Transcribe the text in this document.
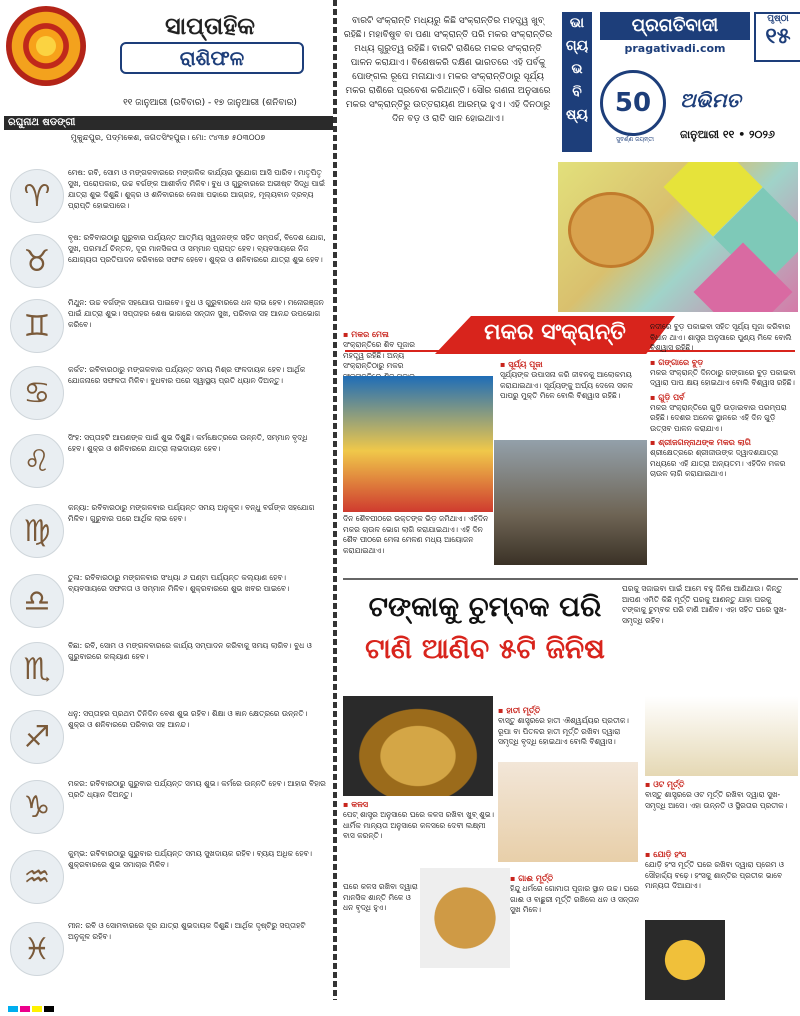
ସାପ୍ତାହିକ
ରାଶିଫଳ
୧୧ ଜାନୁଆରୀ (ରବିବାର) - ୧୭ ଜାନୁଆରୀ (ଶନିବାର)
ରଘୁନାଥ ଷଡଙ୍ଗୀ
ମୁକୁନ୍ଦପୁର, ପଦ୍ମକେଶ, ଜଗତସିଂହପୁର। ମୋ: ୯୪୩୭ ୫୦୩୦୦୭
♈
ମେଷ: ରବି, ସୋମ ଓ ମଙ୍ଗଳବାରରେ ମଙ୍ଗଳିକ କାର୍ଯ୍ୟର ସୁଯୋଗ ଆସି ପାରିବ। ମାତୃପିତୃ ସୁଖ, ପରୋପକାର, ଉଚ୍ଚ ବର୍ଗଙ୍କ ଆଶୀର୍ବାଦ ମିଳିବ। ବୁଧ ଓ ଗୁରୁବାରରେ ଅଭୀଷ୍ଟ ସିଦ୍ଧି ପାଇଁ ଯାତ୍ରା ଶୁଭ ଦିଶୁଛି। ଶୁକ୍ର ଓ ଶନିବାରରେ ଲେଖା ପଢାରେ ଆଗ୍ରହ, ମୂଲ୍ୟବାନ ଦ୍ରବ୍ୟ ପ୍ରାପ୍ତି ହୋଇପାରେ।
♉
ବୃଷ: ରବିବାରଠାରୁ ଗୁରୁବାର ପର୍ଯ୍ୟନ୍ତ ଆତ୍ମିୟ ସ୍ୱଜନଙ୍କ ସହିତ ସମ୍ପର୍କ, ବିଦେଶ ଯୋଗ, ସୁଖ, ପରମାର୍ଥ ଚିନ୍ତନ, ଦୂର ମାନସିକତା ଓ ସମ୍ମାନ ପ୍ରାପ୍ତ ହେବ। ବ୍ୟବସାୟରେ ନିଜ ଯୋଗ୍ୟତା ପ୍ରତିପାଦନ କରିବାରେ ସଫଳ ହେବେ। ଶୁକ୍ର ଓ ଶନିବାରରେ ଯାତ୍ରା ଶୁଭ ହେବ।
♊
ମିଥୁନ: ଉଚ୍ଚ ବର୍ଗଙ୍କ ସହଯୋଗ ପାଇବେ। ବୁଧ ଓ ଗୁରୁବାରରେ ଧନ ଲାଭ ହେବ। ମନୋରଞ୍ଜନ ପାଇଁ ଯାତ୍ରା ଶୁଭ। ସପ୍ତାହର ଶେଷ ଭାଗରେ ସନ୍ତାନ ସୁଖ, ପରିବାର ସହ ଆନନ୍ଦ ଉପଭୋଗ କରିବେ।
♋
କର୍କଟ: ରବିବାରଠାରୁ ମଙ୍ଗଳବାର ପର୍ଯ୍ୟନ୍ତ ସମୟ ମିଶ୍ର ଫଳଦାୟକ ହେବ। ଆର୍ଥିକ ଯୋଜନାରେ ସଫଳତା ମିଳିବ। ବୁଧବାର ପରେ ସ୍ୱାସ୍ଥ୍ୟ ପ୍ରତି ଧ୍ୟାନ ଦିଅନ୍ତୁ।
♌
ସିଂହ: ସପ୍ତାହଟି ଆପଣଙ୍କ ପାଇଁ ଶୁଭ ଦିଶୁଛି। କର୍ମକ୍ଷେତ୍ରରେ ଉନ୍ନତି, ସମ୍ମାନ ବୃଦ୍ଧି ହେବ। ଶୁକ୍ର ଓ ଶନିବାରରେ ଯାତ୍ରା ଲାଭଦାୟକ ହେବ।
♍
କନ୍ୟା: ରବିବାରଠାରୁ ମଙ୍ଗଳବାର ପର୍ଯ୍ୟନ୍ତ ସମୟ ଅନୁକୂଳ। ବନ୍ଧୁ ବର୍ଗଙ୍କ ସହଯୋଗ ମିଳିବ। ଗୁରୁବାର ପରେ ଆର୍ଥିକ ଲାଭ ହେବ।
♎
ତୁଳା: ରବିବାରଠାରୁ ମଙ୍ଗଳବାର ସଂଧ୍ୟା ୬ ଘଣ୍ଟା ପର୍ଯ୍ୟନ୍ତ କଲ୍ୟାଣ ହେବ। ବ୍ୟବସାୟରେ ସଫଳତା ଓ ସମ୍ମାନ ମିଳିବ। ଶୁକ୍ରବାରରେ ଶୁଭ ଖବର ପାଇବେ।
♏
ବିଛା: ରବି, ସୋମ ଓ ମଙ୍ଗଳବାରରେ କାର୍ଯ୍ୟ ସମ୍ପାଦନ କରିବାକୁ ସମୟ ଲାଗିବ। ବୁଧ ଓ ଗୁରୁବାରରେ କଲ୍ୟାଣ ହେବ।
♐
ଧନୁ: ସପ୍ତାହର ପ୍ରଥମ ତିନିଦିନ ବେଶ ଶୁଭ ରହିବ। ଶିକ୍ଷା ଓ ଜ୍ଞାନ କ୍ଷେତ୍ରରେ ଉନ୍ନତି। ଶୁକ୍ର ଓ ଶନିବାରରେ ପରିବାର ସହ ଆନନ୍ଦ।
♑
ମକର: ରବିବାରଠାରୁ ଗୁରୁବାର ପର୍ଯ୍ୟନ୍ତ ସମୟ ଶୁଭ। କର୍ମରେ ଉନ୍ନତି ହେବ। ଆହାର ବିହାର ପ୍ରତି ଧ୍ୟାନ ଦିଅନ୍ତୁ।
♒
କୁମ୍ଭ: ରବିବାରଠାରୁ ଗୁରୁବାର ପର୍ଯ୍ୟନ୍ତ ସମୟ ସୁଖଦାୟକ ରହିବ। ବ୍ୟୟ ଅଧିକ ହେବ। ଶୁକ୍ରବାରରେ ଶୁଭ ସମାଚାର ମିଳିବ।
♓
ମୀନ: ରବି ଓ ସୋମବାରରେ ଦୂର ଯାତ୍ରା ଶୁଭଦାୟକ ଦିଶୁଛି। ଆର୍ଥିକ ଦୃଷ୍ଟିରୁ ସପ୍ତାହଟି ଅନୁକୂଳ ରହିବ।
ବାରଟି ସଂକ୍ରାନ୍ତି ମଧ୍ୟରୁ କିଛି ସଂକ୍ରାନ୍ତିର ମହତ୍ତ୍ୱ ଖୁବ୍ ରହିଛି। ମହାବିଷୁବ ବା ପଣା ସଂକ୍ରାନ୍ତି ପରି ମକର ସଂକ୍ରାନ୍ତିର ମଧ୍ୟ ଗୁରୁତ୍ୱ ରହିଛି। ବାରଟି ରାଶିରେ ମକର ସଂକ୍ରାନ୍ତି ପାଳନ କରାଯାଏ। ବିଶେଷକରି ଦକ୍ଷିଣ ଭାରତରେ ଏହି ପର୍ବକୁ ପୋଙ୍ଗଲ ରୂପେ ମନାଯାଏ। ମକର ସଂକ୍ରାନ୍ତିଠାରୁ ସୂର୍ଯ୍ୟ ମକର ରାଶିରେ ପ୍ରବେଶ କରିଥାନ୍ତି। ସୌର ଗଣନା ଅନୁସାରେ ମକର ସଂକ୍ରାନ୍ତିରୁ ଉତ୍ତରାୟଣ ଆରମ୍ଭ ହୁଏ। ଏହି ଦିନଠାରୁ ଦିନ ବଡ଼ ଓ ରାତି ସାନ ହୋଇଥାଏ।
ଭା
ଗ୍ୟ
ଭ
ବି
ଷ୍ୟ
ପ୍ରଗତିବାଦୀ	ପୃଷ୍ଠା
୧୫
pragativadi.com
50
ସୁବର୍ଣ୍ଣ ଜୟନ୍ତୀ
ଅଭିମତ
ଜାନୁଆରୀ ୧୧ • ୨୦୨୬
ମକର ସଂକ୍ରାନ୍ତି
▪ ମକର ମେଳା
ସଂକ୍ରାନ୍ତିରେ ଶିବ ପୂଜାର ମହତ୍ତ୍ୱ ରହିଛି। ଅନ୍ୟ ସଂକ୍ରାନ୍ତିଠାରୁ ମକର
ଦିନ ଶୈବପୀଠରେ ଭକ୍ତଙ୍କ ଭିଡ଼ ଜମିଥାଏ। ଏହିଦିନ ମକର ଚାଉଳ ଭୋଗ ଲାଗି କରାଯାଇଥାଏ। ଏହି ଦିନ ଶୈବ ପୀଠରେ ମେଳା ମେଳଣ ମଧ୍ୟ ଆୟୋଜନ କରାଯାଇଥାଏ।
▪ ସୂର୍ଯ୍ୟ ପୂଜା
ସୂର୍ଯ୍ୟଙ୍କ ଉପାସନା କରି ଜୀବନକୁ ଆଲୋକମୟ କରାଯାଇଥାଏ। ସୂର୍ଯ୍ୟଙ୍କୁ ଅର୍ଘ୍ୟ ଦେଲେ ସକଳ ପାପରୁ ମୁକ୍ତି ମିଳେ ବୋଲି ବିଶ୍ୱାସ ରହିଛି।
ନଦୀରେ ବୁଡ଼ ପକାଇବା ସହିତ ସୂର୍ଯ୍ୟ ପୂଜା କରିବାର ବିଧାନ ଥାଏ। ଶାସ୍ତ୍ର ଅନୁସାରେ ପୁଣ୍ୟ ମିଳେ ବୋଲି ବିଶ୍ୱାସ ରହିଛି।
▪ ଗଙ୍ଗାରେ ବୁଡ଼
ମକର ସଂକ୍ରାନ୍ତି ଦିନଠାରୁ ଗଙ୍ଗାରେ ବୁଡ଼ ପକାଇବା ଦ୍ୱାରା ପାପ କ୍ଷୟ ହୋଇଥାଏ ବୋଲି ବିଶ୍ୱାସ ରହିଛି।
▪ ଗୁଡ଼ି ପର୍ବ
ମକର ସଂକ୍ରାନ୍ତିରେ ଗୁଡ଼ି ଉଡ଼ାଇବାର ପରମ୍ପରା ରହିଛି। ଦେଶର ଅନେକ ସ୍ଥାନରେ ଏହି ଦିନ ଗୁଡ଼ି ଉତ୍ସବ ପାଳନ କରାଯାଏ।
▪ ଶ୍ରୀଜଗନ୍ନାଥଙ୍କ ମକର ଲାଗି
ଶ୍ରୀକ୍ଷେତ୍ରରେ ଶ୍ରୀଜୀଉଙ୍କ ଦ୍ୱାଦଶଯାତ୍ରା ମଧ୍ୟରେ ଏହି ଯାତ୍ରା ଅନ୍ୟତମ। ଏହିଦିନ ମକର ଚାଉଳ ଲାଗି କରାଯାଇଥାଏ।
ଟଙ୍କାକୁ ଚୁମ୍ବକ ପରି
ଟାଣି ଆଣିବ ୫ଟି ଜିନିଷ
ଘରକୁ ସଜାଇବା ପାଇଁ ଆମେ ବହୁ ଜିନିଷ ଆଣିଥାଉ। କିନ୍ତୁ ଆପଣ ଏମିତି କିଛି ମୂର୍ତ୍ତି ଘରକୁ ଆଣନ୍ତୁ ଯାହା ଘରକୁ ଟଙ୍କାକୁ ଚୁମ୍ବକ ପରି ଟାଣି ଆଣିବ। ଏହା ସହିତ ଘରେ ସୁଖ-ସମୃଦ୍ଧି ରହିବ।
▪ ହାତୀ ମୂର୍ତ୍ତି
ବାସ୍ତୁ ଶାସ୍ତ୍ରରେ ହାତୀ ଐଶ୍ୱର୍ଯ୍ୟର ପ୍ରତୀକ। ରୂପା ବା ପିତଳର ହାତୀ ମୂର୍ତ୍ତି ରଖିବା ଦ୍ୱାରା ସମୃଦ୍ଧି ବୃଦ୍ଧି ହୋଇଥାଏ ବୋଲି ବିଶ୍ୱାସ।
▪ କଳସ
ପେଟ୍‌ ଶାସ୍ତ୍ର ଅନୁସାରେ ଘରେ କଳସ ରଖିବା ଖୁବ୍ ଶୁଭ। ଧାର୍ମିକ ମାନ୍ୟତା ଅନୁସାରେ କଳସରେ ଦେବୀ ଲକ୍ଷ୍ମୀ ବାସ କରନ୍ତି।
▪ ଓଟ ମୂର୍ତ୍ତି
ବାସ୍ତୁ ଶାସ୍ତ୍ରରେ ଓଟ ମୂର୍ତ୍ତି ରଖିବା ଦ୍ୱାରା ସୁଖ-ସମୃଦ୍ଧି ଆସେ। ଏହା ଉନ୍ନତି ଓ ସ୍ଥିରତାର ପ୍ରତୀକ।
▪ ଯୋଡ଼ି ହଂସ
ଯୋଡ଼ି ହଂସ ମୂର୍ତ୍ତି ଘରେ ରଖିବା ଦ୍ୱାରା ପ୍ରେମ ଓ ସୌହାର୍ଦ୍ଦ୍ୟ ବଢ଼େ। ହଂସକୁ ଶାନ୍ତିର ପ୍ରତୀକ ଭାବେ ମାନ୍ୟତା ଦିଆଯାଏ।
ଘରେ କଳସ ରଖିବା ଦ୍ୱାରା ମାନସିକ ଶାନ୍ତି ମିଳେ ଓ ଧନ ବୃଦ୍ଧି ହୁଏ।
▪ ଗାଈ ମୂର୍ତ୍ତି
ହିନ୍ଦୁ ଧର୍ମରେ ଗୋମାତା ପୂଜାର ସ୍ଥାନ ଉଚ୍ଚ। ଘରେ ଗାଈ ଓ ବାଛୁରୀ ମୂର୍ତ୍ତି ରଖିଲେ ଧନ ଓ ସନ୍ତାନ ସୁଖ ମିଳେ।
